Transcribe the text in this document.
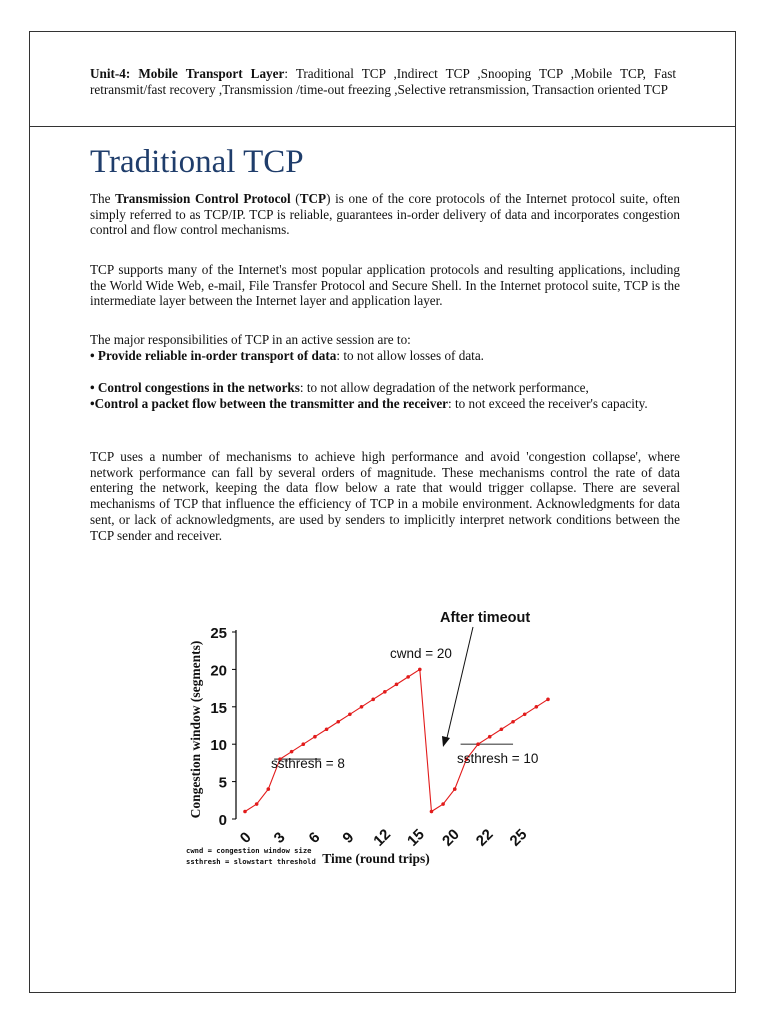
Unit-4: Mobile Transport Layer: Traditional TCP ,Indirect TCP ,Snooping TCP ,Mobile TCP, Fast retransmit/fast recovery ,Transmission /time-out freezing ,Selective retransmission, Transaction oriented TCP
Traditional TCP

The Transmission Control Protocol (TCP) is one of the core protocols of the Internet protocol suite, often simply referred to as TCP/IP. TCP is reliable, guarantees in-order delivery of data and incorporates congestion control and flow control mechanisms.

TCP supports many of the Internet's most popular application protocols and resulting applications, including the World Wide Web, e-mail, File Transfer Protocol and Secure Shell. In the Internet protocol suite, TCP is the intermediate layer between the Internet layer and application layer.

The major responsibilities of TCP in an active session are to:

• Provide reliable in-order transport of data: to not allow losses of data.

• Control congestions in the networks: to not allow degradation of the network performance,

•Control a packet flow between the transmitter and the receiver: to not exceed the receiver's capacity.

TCP uses a number of mechanisms to achieve high performance and avoid 'congestion collapse', where network performance can fall by several orders of magnitude. These mechanisms control the rate of data entering the network, keeping the data flow below a rate that would trigger collapse. There are several mechanisms of TCP that influence the efficiency of TCP in a mobile environment. Acknowledgments for data sent, or lack of acknowledgments, are used by senders to implicitly interpret network conditions between the TCP sender and receiver.

0
5
10
15
20
25
Congestion window (segments)
0 3 6 9 12 15 20 22 25
Time (round trips)
cwnd = congestion window size
ssthresh = slowstart threshold
After timeout
cwnd = 20
ssthresh = 8	ssthresh = 10
